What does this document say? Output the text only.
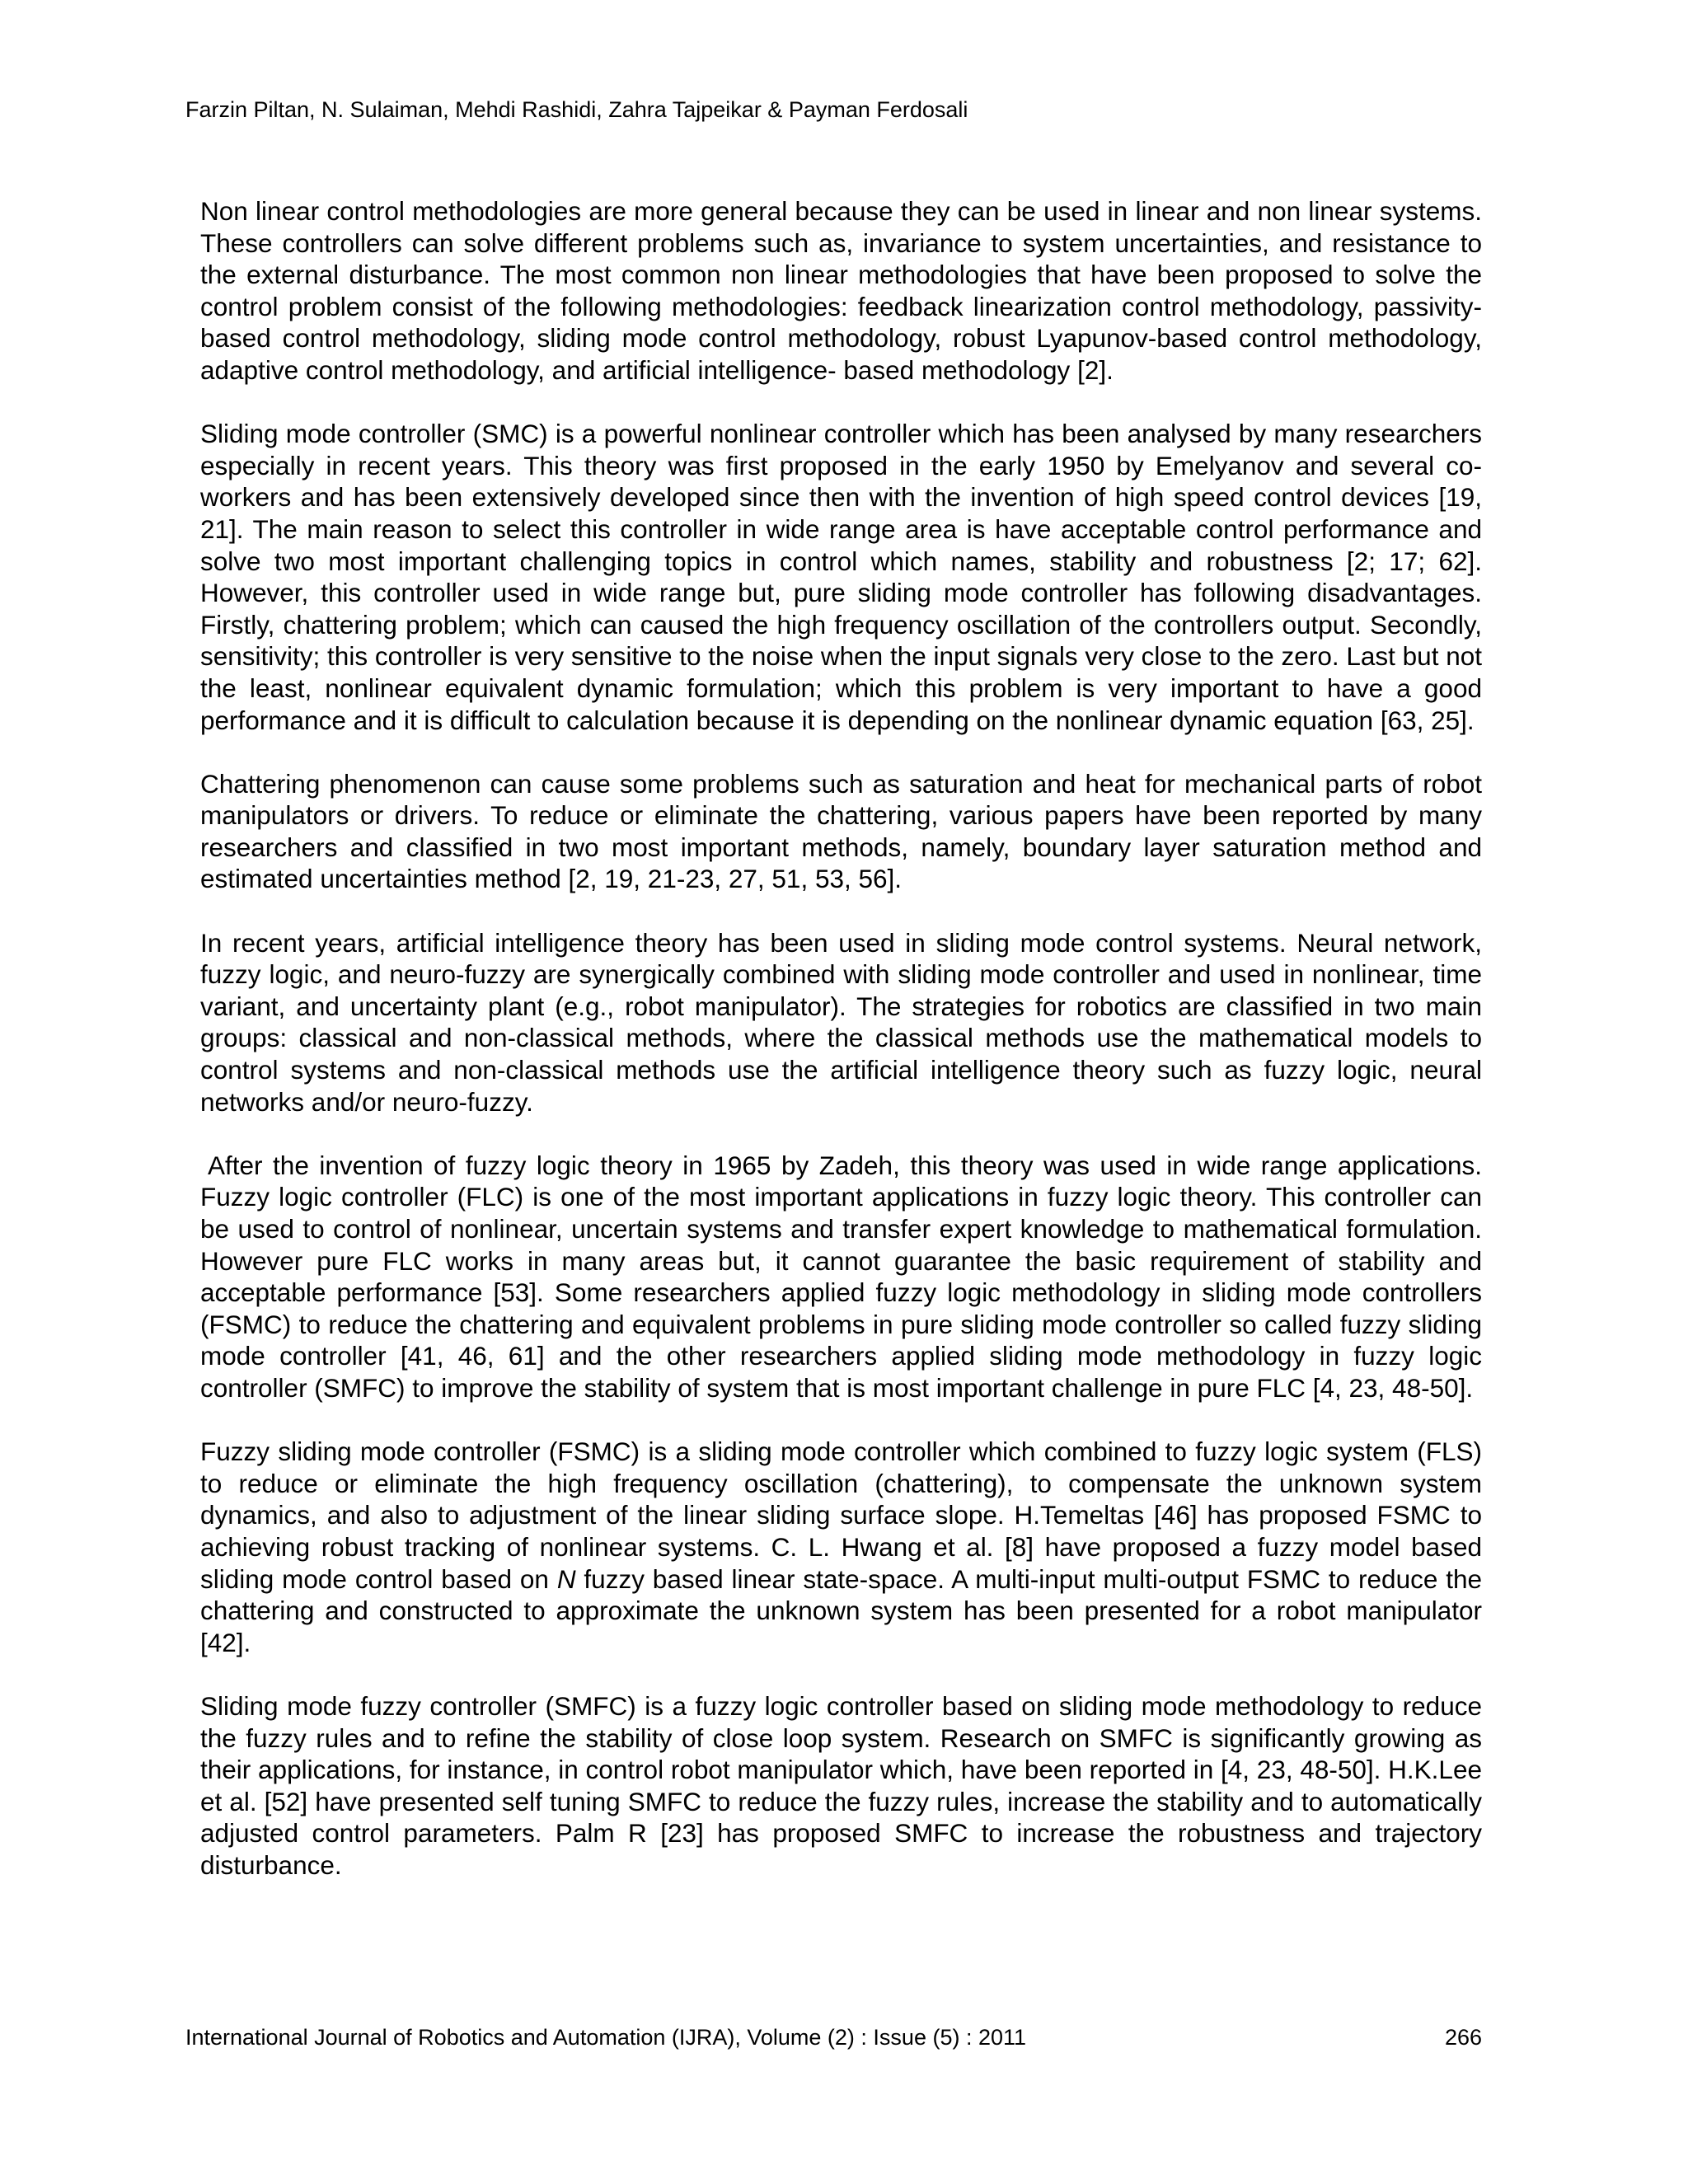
Farzin Piltan, N. Sulaiman, Mehdi Rashidi, Zahra Tajpeikar & Payman Ferdosali

Non linear control methodologies are more general because they can be used in linear and non linear systems. These controllers can solve different problems such as, invariance to system uncertainties, and resistance to the external disturbance. The most common non linear methodologies that have been proposed to solve the control problem consist of the following methodologies: feedback linearization control methodology, passivity-based control methodology, sliding mode control methodology, robust Lyapunov-based control methodology, adaptive control methodology, and artificial intelligence- based methodology [2].

Sliding mode controller (SMC) is a powerful nonlinear controller which has been analysed by many researchers especially in recent years. This theory was first proposed in the early 1950 by Emelyanov and several co-workers and has been extensively developed since then with the invention of high speed control devices [19, 21]. The main reason to select this controller in wide range area is have acceptable control performance and solve two most important challenging topics in control which names, stability and robustness [2; 17; 62]. However, this controller used in wide range but, pure sliding mode controller has following disadvantages. Firstly, chattering problem; which can caused the high frequency oscillation of the controllers output. Secondly, sensitivity; this controller is very sensitive to the noise when the input signals very close to the zero. Last but not the least, nonlinear equivalent dynamic formulation; which this problem is very important to have a good performance and it is difficult to calculation because it is depending on the nonlinear dynamic equation [63, 25].

Chattering phenomenon can cause some problems such as saturation and heat for mechanical parts of robot manipulators or drivers. To reduce or eliminate the chattering, various papers have been reported by many researchers and classified in two most important methods, namely, boundary layer saturation method and estimated uncertainties method [2, 19, 21-23, 27, 51, 53, 56].

In recent years, artificial intelligence theory has been used in sliding mode control systems. Neural network, fuzzy logic, and neuro-fuzzy are synergically combined with sliding mode controller and used in nonlinear, time variant, and uncertainty plant (e.g., robot manipulator). The strategies for robotics are classified in two main groups: classical and non-classical methods, where the classical methods use the mathematical models to control systems and non-classical methods use the artificial intelligence theory such as fuzzy logic, neural networks and/or neuro-fuzzy.

After the invention of fuzzy logic theory in 1965 by Zadeh, this theory was used in wide range applications. Fuzzy logic controller (FLC) is one of the most important applications in fuzzy logic theory. This controller can be used to control of nonlinear, uncertain systems and transfer expert knowledge to mathematical formulation. However pure FLC works in many areas but, it cannot guarantee the basic requirement of stability and acceptable performance [53]. Some researchers applied fuzzy logic methodology in sliding mode controllers (FSMC) to reduce the chattering and equivalent problems in pure sliding mode controller so called fuzzy sliding mode controller [41, 46, 61] and the other researchers applied sliding mode methodology in fuzzy logic controller (SMFC) to improve the stability of system that is most important challenge in pure FLC [4, 23, 48-50].

Fuzzy sliding mode controller (FSMC) is a sliding mode controller which combined to fuzzy logic system (FLS) to reduce or eliminate the high frequency oscillation (chattering), to compensate the unknown system dynamics, and also to adjustment of the linear sliding surface slope. H.Temeltas [46] has proposed FSMC to achieving robust tracking of nonlinear systems. C. L. Hwang et al. [8] have proposed a fuzzy model based sliding mode control based on N fuzzy based linear state-space. A multi-input multi-output FSMC to reduce the chattering and constructed to approximate the unknown system has been presented for a robot manipulator [42].

Sliding mode fuzzy controller (SMFC) is a fuzzy logic controller based on sliding mode methodology to reduce the fuzzy rules and to refine the stability of close loop system. Research on SMFC is significantly growing as their applications, for instance, in control robot manipulator which, have been reported in [4, 23, 48-50]. H.K.Lee et al. [52] have presented self tuning SMFC to reduce the fuzzy rules, increase the stability and to automatically adjusted control parameters. Palm R [23] has proposed SMFC to increase the robustness and trajectory disturbance.

International Journal of Robotics and Automation (IJRA), Volume (2) : Issue (5) : 2011	266
